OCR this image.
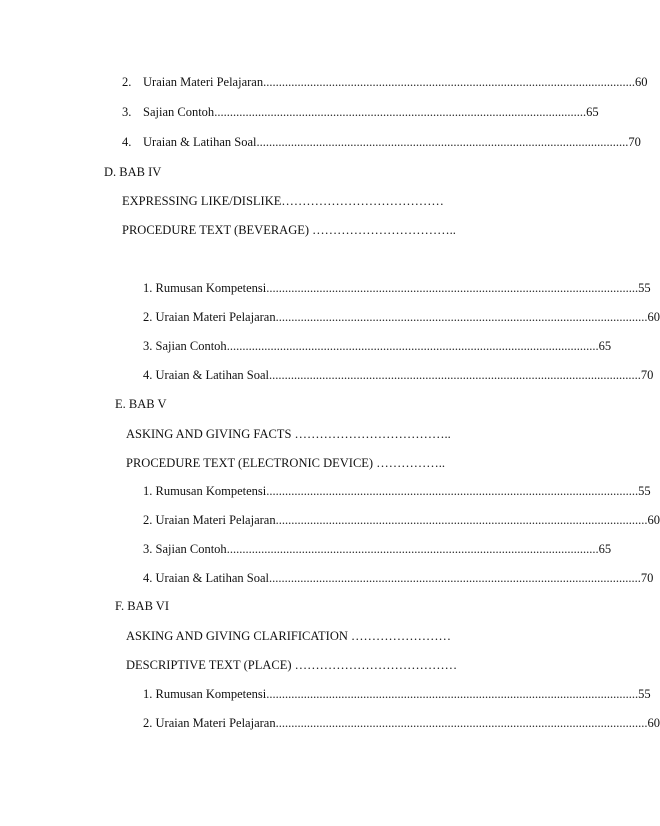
2. Uraian Materi Pelajaran ....................................................................................................................... 60
3. Sajian Contoh ....................................................................................................................... 65
4. Uraian & Latihan Soal ....................................................................................................................... 70
D. BAB IV
EXPRESSING LIKE/DISLIKE…………………………………
PROCEDURE TEXT (BEVERAGE) ……………………………..
1. Rumusan Kompetensi ....................................................................................................................... 55
2. Uraian Materi Pelajaran ....................................................................................................................... 60
3. Sajian Contoh ....................................................................................................................... 65
4. Uraian & Latihan Soal ....................................................................................................................... 70
E. BAB V
ASKING AND GIVING FACTS ………………………………..
PROCEDURE TEXT (ELECTRONIC DEVICE) ……………..
1. Rumusan Kompetensi ....................................................................................................................... 55
2. Uraian Materi Pelajaran ....................................................................................................................... 60
3. Sajian Contoh ....................................................................................................................... 65
4. Uraian & Latihan Soal ....................................................................................................................... 70
F. BAB VI
ASKING AND GIVING CLARIFICATION ……………………
DESCRIPTIVE TEXT (PLACE) …………………………………
1. Rumusan Kompetensi ....................................................................................................................... 55
2. Uraian Materi Pelajaran ....................................................................................................................... 60
